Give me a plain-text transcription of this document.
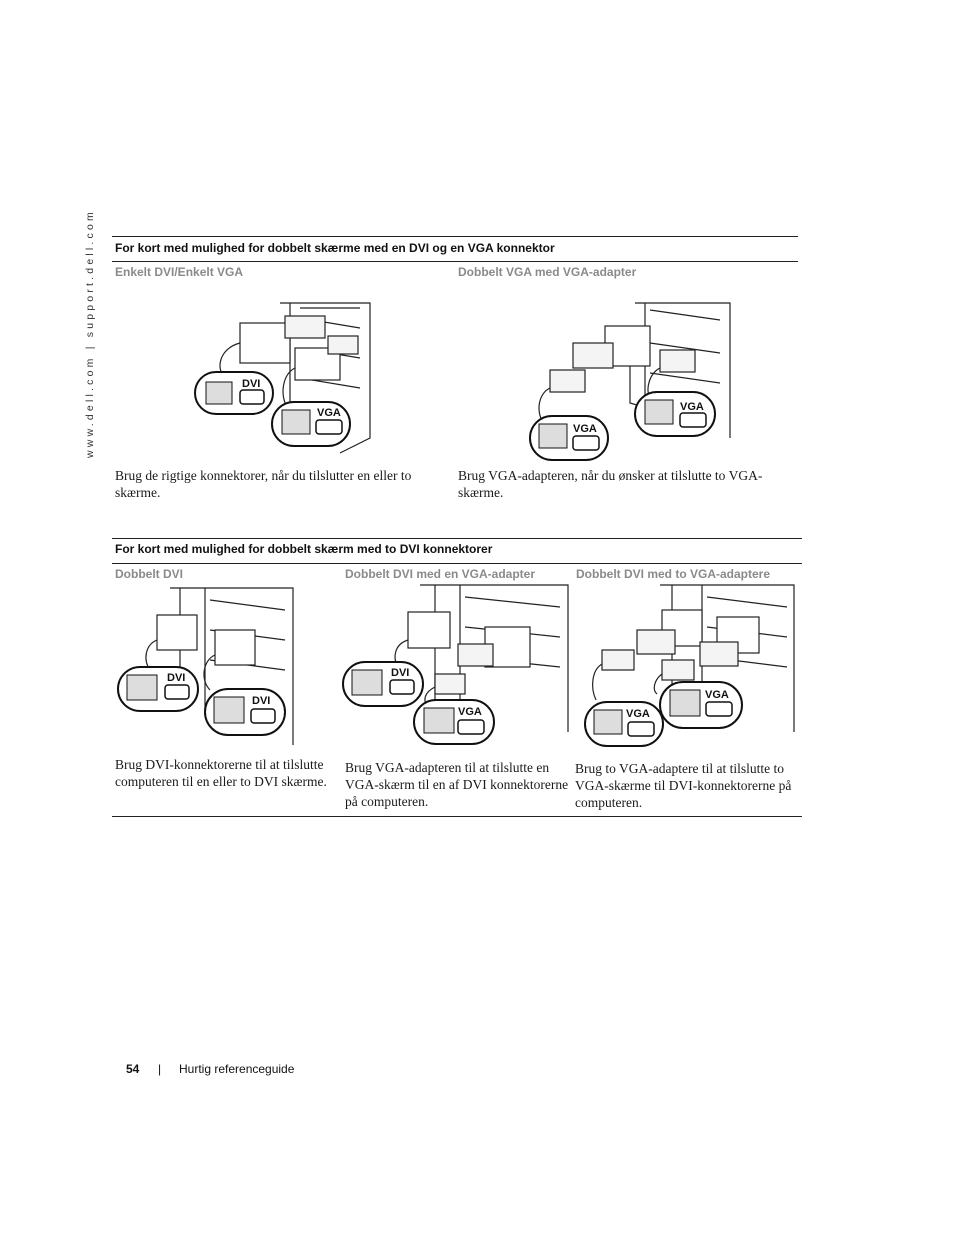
www.dell.com | support.dell.com For kort med mulighed for dobbelt skærme med en DVI og en VGA konnektor
Enkelt DVI/Enkelt VGA	Dobbelt VGA med VGA-adapter
DVI
VGA	VGA
VGA
Brug de rigtige konnektorer, når du tilslutter en eller to skærme.
Brug VGA-adapteren, når du ønsker at tilslutte to VGA-skærme.
For kort med mulighed for dobbelt skærm med to DVI konnektorer
Dobbelt DVI	Dobbelt DVI med en VGA-adapter	Dobbelt DVI med to VGA-adaptere
DVI
DVI
DVI
VGA
VGA
VGA
Brug DVI-konnektorerne til at tilslutte computeren til en eller to DVI skærme.
Brug VGA-adapteren til at tilslutte en VGA-skærm til en af DVI konnektorerne på computeren.
Brug to VGA-adaptere til at tilslutte to VGA-skærme til DVI-konnektorerne på computeren.
54 | Hurtig referenceguide
